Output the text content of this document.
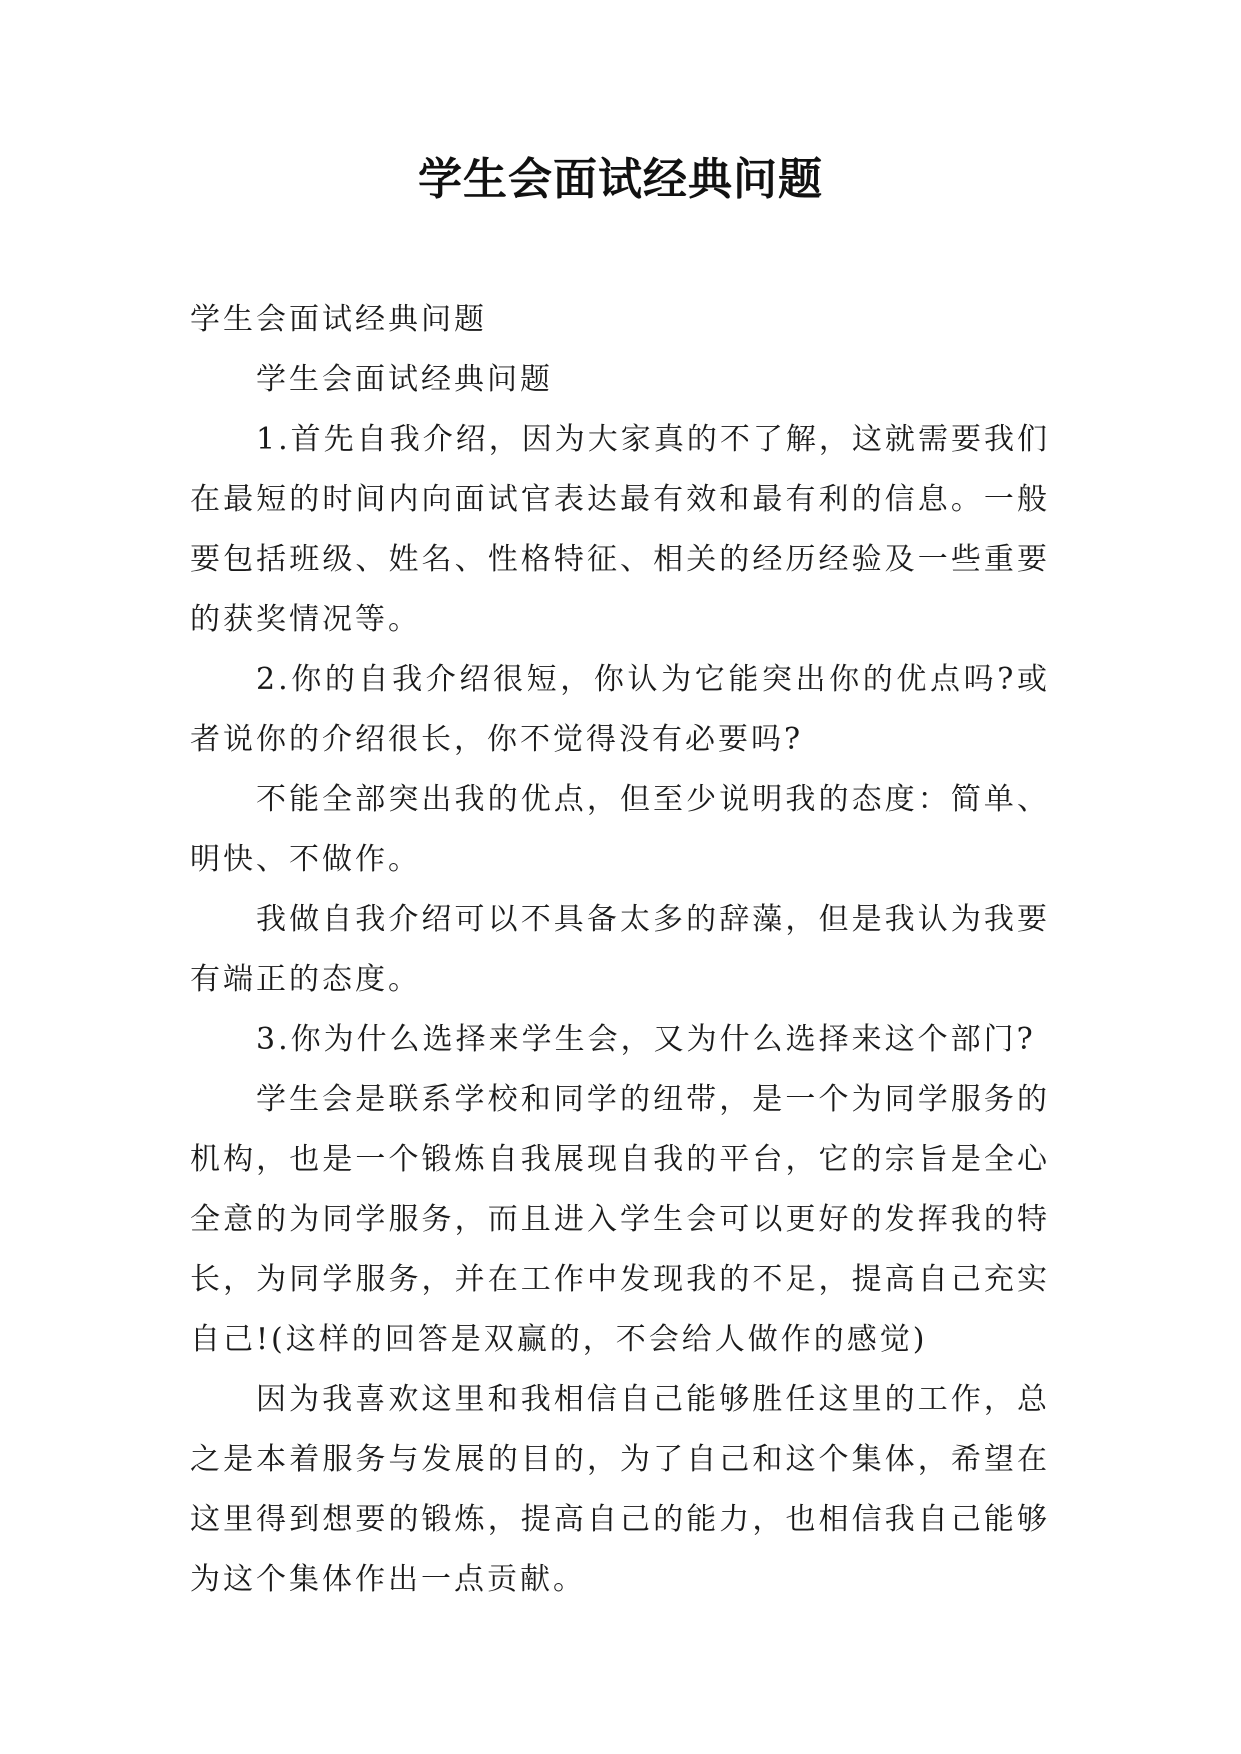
学生会面试经典问题

学生会面试经典问题

学生会面试经典问题

1.首先自我介绍，因为大家真的不了解，这就需要我们在最短的时间内向面试官表达最有效和最有利的信息。一般要包括班级、姓名、性格特征、相关的经历经验及一些重要的获奖情况等。

2.你的自我介绍很短，你认为它能突出你的优点吗?或者说你的介绍很长，你不觉得没有必要吗?

不能全部突出我的优点，但至少说明我的态度：简单、明快、不做作。

我做自我介绍可以不具备太多的辞藻，但是我认为我要有端正的态度。

3.你为什么选择来学生会，又为什么选择来这个部门?

学生会是联系学校和同学的纽带，是一个为同学服务的机构，也是一个锻炼自我展现自我的平台，它的宗旨是全心全意的为同学服务，而且进入学生会可以更好的发挥我的特长，为同学服务，并在工作中发现我的不足，提高自己充实自己!(这样的回答是双赢的，不会给人做作的感觉)

因为我喜欢这里和我相信自己能够胜任这里的工作，总之是本着服务与发展的目的，为了自己和这个集体，希望在这里得到想要的锻炼，提高自己的能力，也相信我自己能够为这个集体作出一点贡献。
